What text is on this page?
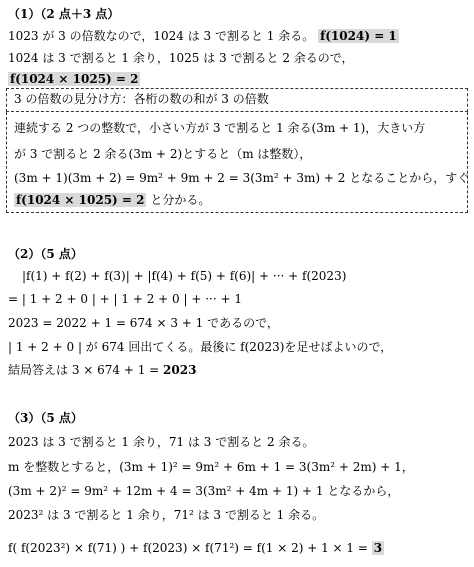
（1）（2 点＋3 点）
1023 が 3 の倍数なので，1024 は 3 で割ると 1 余る。 f(1024) = 1
1024 は 3 で割ると 1 余り，1025 は 3 で割ると 2 余るので，
f(1024 × 1025) = 2
3 の倍数の見分け方：各桁の数の和が 3 の倍数
連続する 2 つの整数で，小さい方が 3 で割ると 1 余る(3m + 1)，大きい方
が 3 で割ると 2 余る(3m + 2)とすると（m は整数），
(3m + 1)(3m + 2) = 9m² + 9m + 2 = 3(3m² + 3m) + 2 となることから，すぐ
f(1024 × 1025) = 2 と分かる。
（2）（5 点）
|f(1) + f(2) + f(3)| + |f(4) + f(5) + f(6)| + ··· + f(2023)
= | 1 + 2 + 0 | + | 1 + 2 + 0 | + ··· + 1
2023 = 2022 + 1 = 674 × 3 + 1 であるので，
| 1 + 2 + 0 | が 674 回出てくる。最後に f(2023)を足せばよいので，
結局答えは 3 × 674 + 1 = 2023
（3）（5 点）
2023 は 3 で割ると 1 余り，71 は 3 で割ると 2 余る。
m を整数とすると，(3m + 1)² = 9m² + 6m + 1 = 3(3m² + 2m) + 1，
(3m + 2)² = 9m² + 12m + 4 = 3(3m² + 4m + 1) + 1 となるから，
2023² は 3 で割ると 1 余り，71² は 3 で割ると 1 余る。
f( f(2023²) × f(71) ) + f(2023) × f(71²) = f(1 × 2) + 1 × 1 = 3
